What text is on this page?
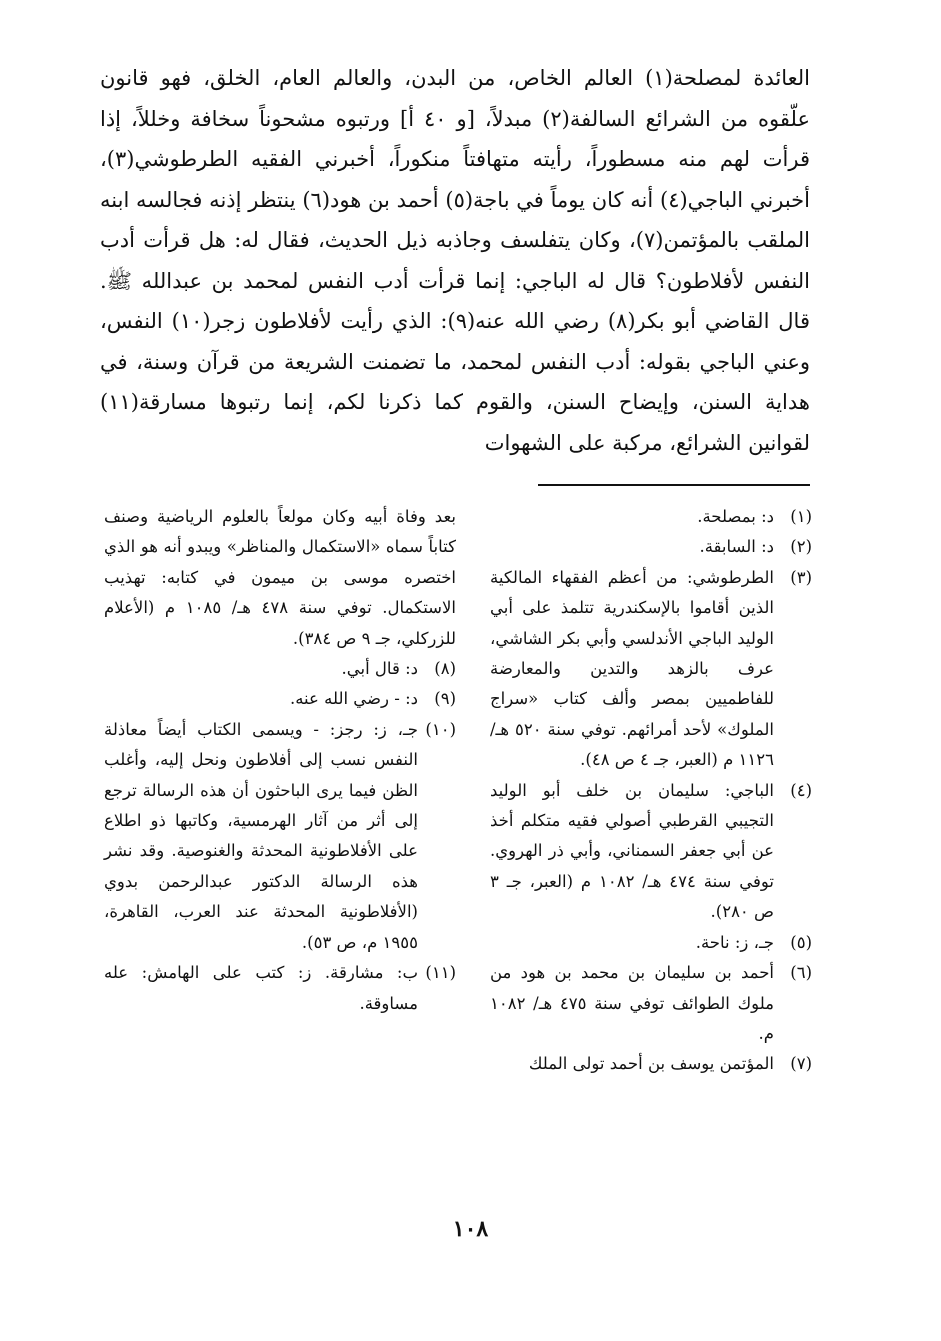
العائدة لمصلحة(١) العالم الخاص، من البدن، والعالم العام، الخلق، فهو قانون علّقوه من الشرائع السالفة(٢) مبدلاً، [و ٤٠ أ] ورتبوه مشحوناً سخافة وخللاً، إذا قرأت لهم منه مسطوراً، رأيته متهافتاً منكوراً، أخبرني الفقيه الطرطوشي(٣)، أخبرني الباجي(٤) أنه كان يوماً في باجة(٥) أحمد بن هود(٦) ينتظر إذنه فجالسه ابنه الملقب بالمؤتمن(٧)، وكان يتفلسف وجاذبه ذيل الحديث، فقال له: هل قرأت أدب النفس لأفلاطون؟ قال له الباجي: إنما قرأت أدب النفس لمحمد بن عبدالله ﷺ. قال القاضي أبو بكر(٨) رضي الله عنه(٩): الذي رأيت لأفلاطون زجر(١٠) النفس، وعني الباجي بقوله: أدب النفس لمحمد، ما تضمنت الشريعة من قرآن وسنة، في هداية السنن، وإيضاح السنن، والقوم كما ذكرنا لكم، إنما رتبوها مسارقة(١١) لقوانين الشرائع، مركبة على الشهوات

(١)
د: بمصلحة.
(٢)
د: السابقة.
(٣)
الطرطوشي: من أعظم الفقهاء المالكية الذين أقاموا بالإسكندرية تتلمذ على أبي الوليد الباجي الأندلسي وأبي بكر الشاشي، عرف بالزهد والتدين والمعارضة للفاطميين بمصر وألف كتاب «سراج الملوك» لأحد أمرائهم. توفي سنة ٥٢٠ هـ/ ١١٢٦ م (العبر، جـ ٤ ص ٤٨).
(٤)
الباجي: سليمان بن خلف أبو الوليد التجيبي القرطبي أصولي فقيه متكلم أخذ عن أبي جعفر السمناني، وأبي ذر الهروي. توفي سنة ٤٧٤ هـ/ ١٠٨٢ م (العبر، جـ ٣ ص ٢٨٠).
(٥)
جـ، ز: ناحة.
(٦)
أحمد بن سليمان بن محمد بن هود من ملوك الطوائف توفي سنة ٤٧٥ هـ/ ١٠٨٢ م.
(٧)
المؤتمن يوسف بن أحمد تولى الملك

بعد وفاة أبيه وكان مولعاً بالعلوم الرياضية وصنف كتاباً سماه «الاستكمال والمناظر» ويبدو أنه هو الذي اختصره موسى بن ميمون في كتابه: تهذيب الاستكمال. توفي سنة ٤٧٨ هـ/ ١٠٨٥ م (الأعلام للزركلي، جـ ٩ ص ٣٨٤).

(٨)
د: قال أبي.
(٩)
د: - رضي الله عنه.
(١٠)
جـ، ز: رجز: - ويسمى الكتاب أيضاً معاذلة النفس نسب إلى أفلاطون ونحل إليه، وأغلب الظن فيما يرى الباحثون أن هذه الرسالة ترجع إلى أثر من آثار الهرمسية، وكاتبها ذو اطلاع على الأفلاطونية المحدثة والغنوصية. وقد نشر هذه الرسالة الدكتور عبدالرحمن بدوي (الأفلاطونية المحدثة عند العرب، القاهرة، ١٩٥٥ م، ص ٥٣).
(١١)
ب: مشارقة. ز: كتب على الهامش: عله مساوقة.
١٠٨
